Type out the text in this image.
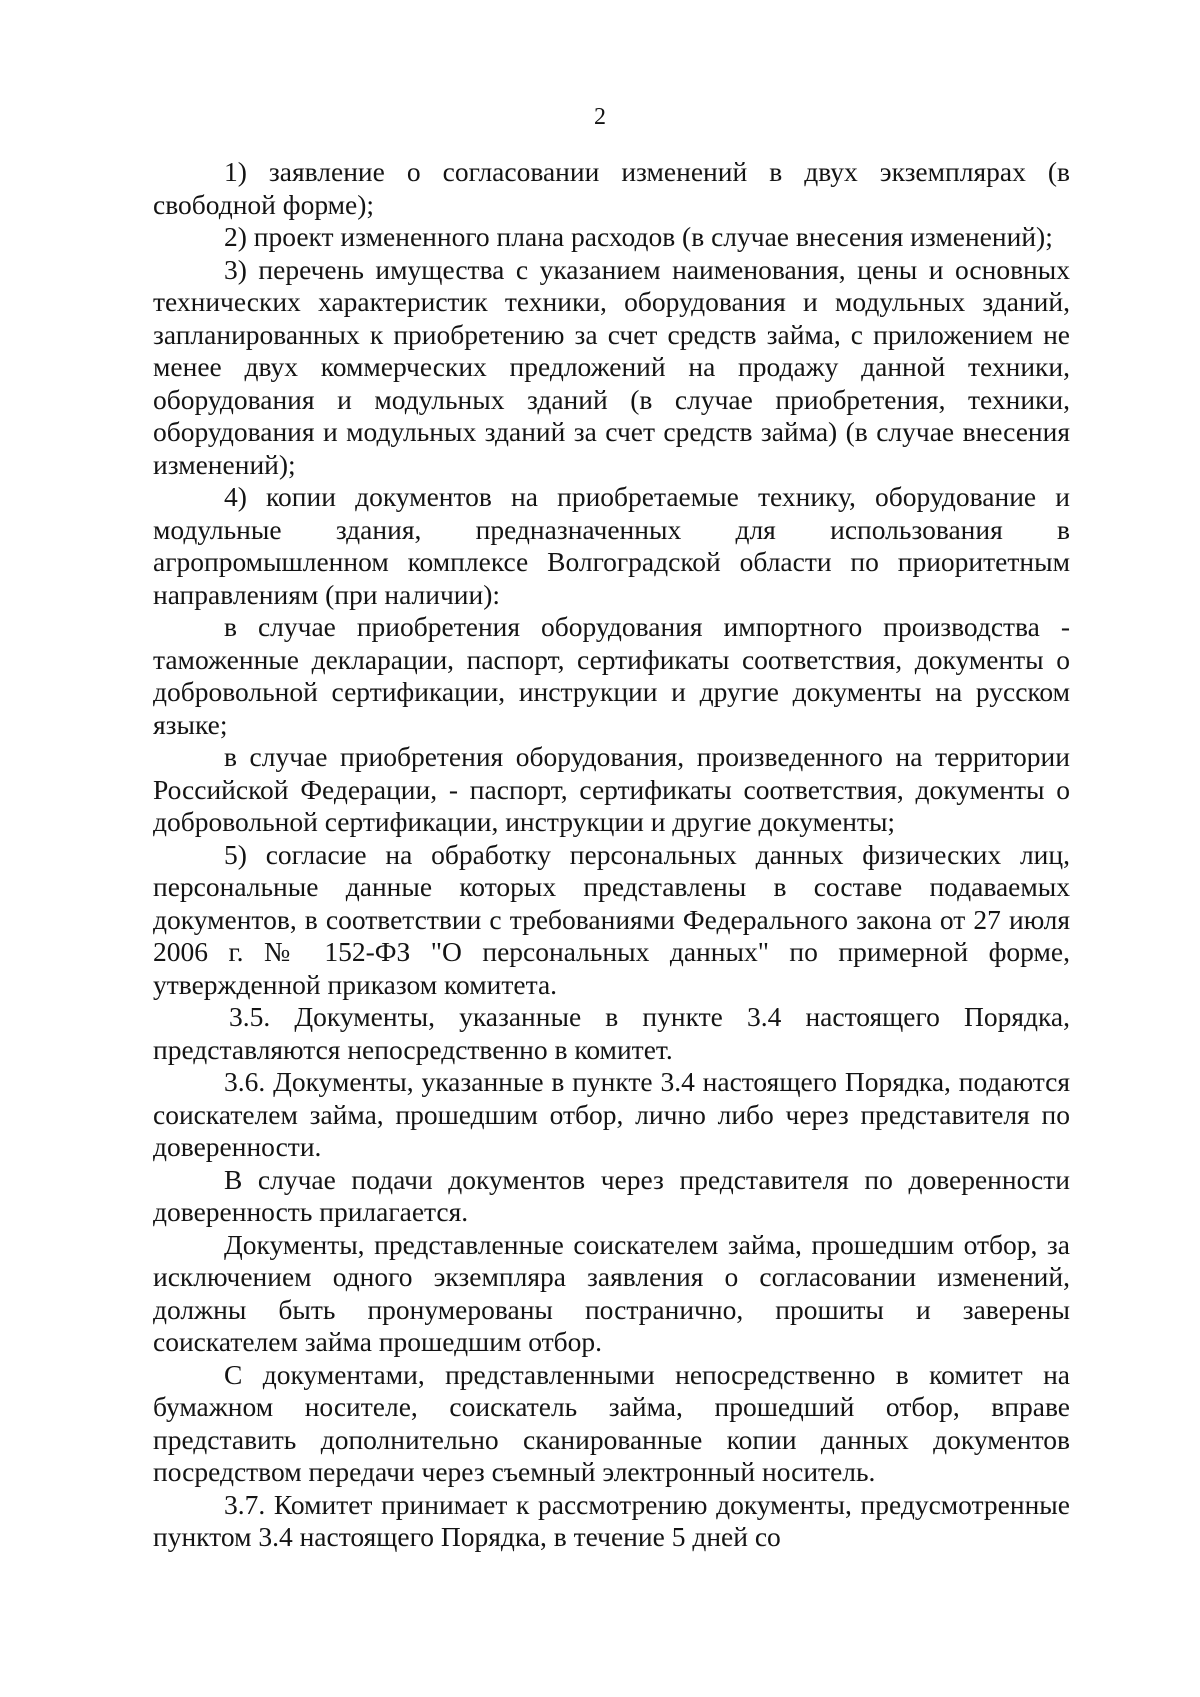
2

1) заявление о согласовании изменений в двух экземплярах (в свободной форме);

2) проект измененного плана расходов (в случае внесения изменений);

3) перечень имущества с указанием наименования, цены и основных технических характеристик техники, оборудования и модульных зданий, запланированных к приобретению за счет средств займа, с приложением не менее двух коммерческих предложений на продажу данной техники, оборудования и модульных зданий (в случае приобретения, техники, оборудования и модульных зданий за счет средств займа) (в случае внесения изменений);

4) копии документов на приобретаемые технику, оборудование и модульные здания, предназначенных для использования в агропромышленном комплексе Волгоградской области по приоритетным направлениям (при наличии):

в случае приобретения оборудования импортного производства - таможенные декларации, паспорт, сертификаты соответствия, документы о добровольной сертификации, инструкции и другие документы на русском языке;

в случае приобретения оборудования, произведенного на территории Российской Федерации, - паспорт, сертификаты соответствия, документы о добровольной сертификации, инструкции и другие документы;

5) согласие на обработку персональных данных физических лиц, персональные данные которых представлены в составе подаваемых документов, в соответствии с требованиями Федерального закона от 27 июля 2006 г. № 152-ФЗ "О персональных данных" по примерной форме, утвержденной приказом комитета.

3.5. Документы, указанные в пункте 3.4 настоящего Порядка, представляются непосредственно в комитет.

3.6. Документы, указанные в пункте 3.4 настоящего Порядка, подаются соискателем займа, прошедшим отбор, лично либо через представителя по доверенности.

В случае подачи документов через представителя по доверенности доверенность прилагается.

Документы, представленные соискателем займа, прошедшим отбор, за исключением одного экземпляра заявления о согласовании изменений, должны быть пронумерованы постранично, прошиты и заверены соискателем займа прошедшим отбор.

С документами, представленными непосредственно в комитет на бумажном носителе, соискатель займа, прошедший отбор, вправе представить дополнительно сканированные копии данных документов посредством передачи через съемный электронный носитель.

3.7. Комитет принимает к рассмотрению документы, предусмотренные пунктом 3.4 настоящего Порядка, в течение 5 дней со
